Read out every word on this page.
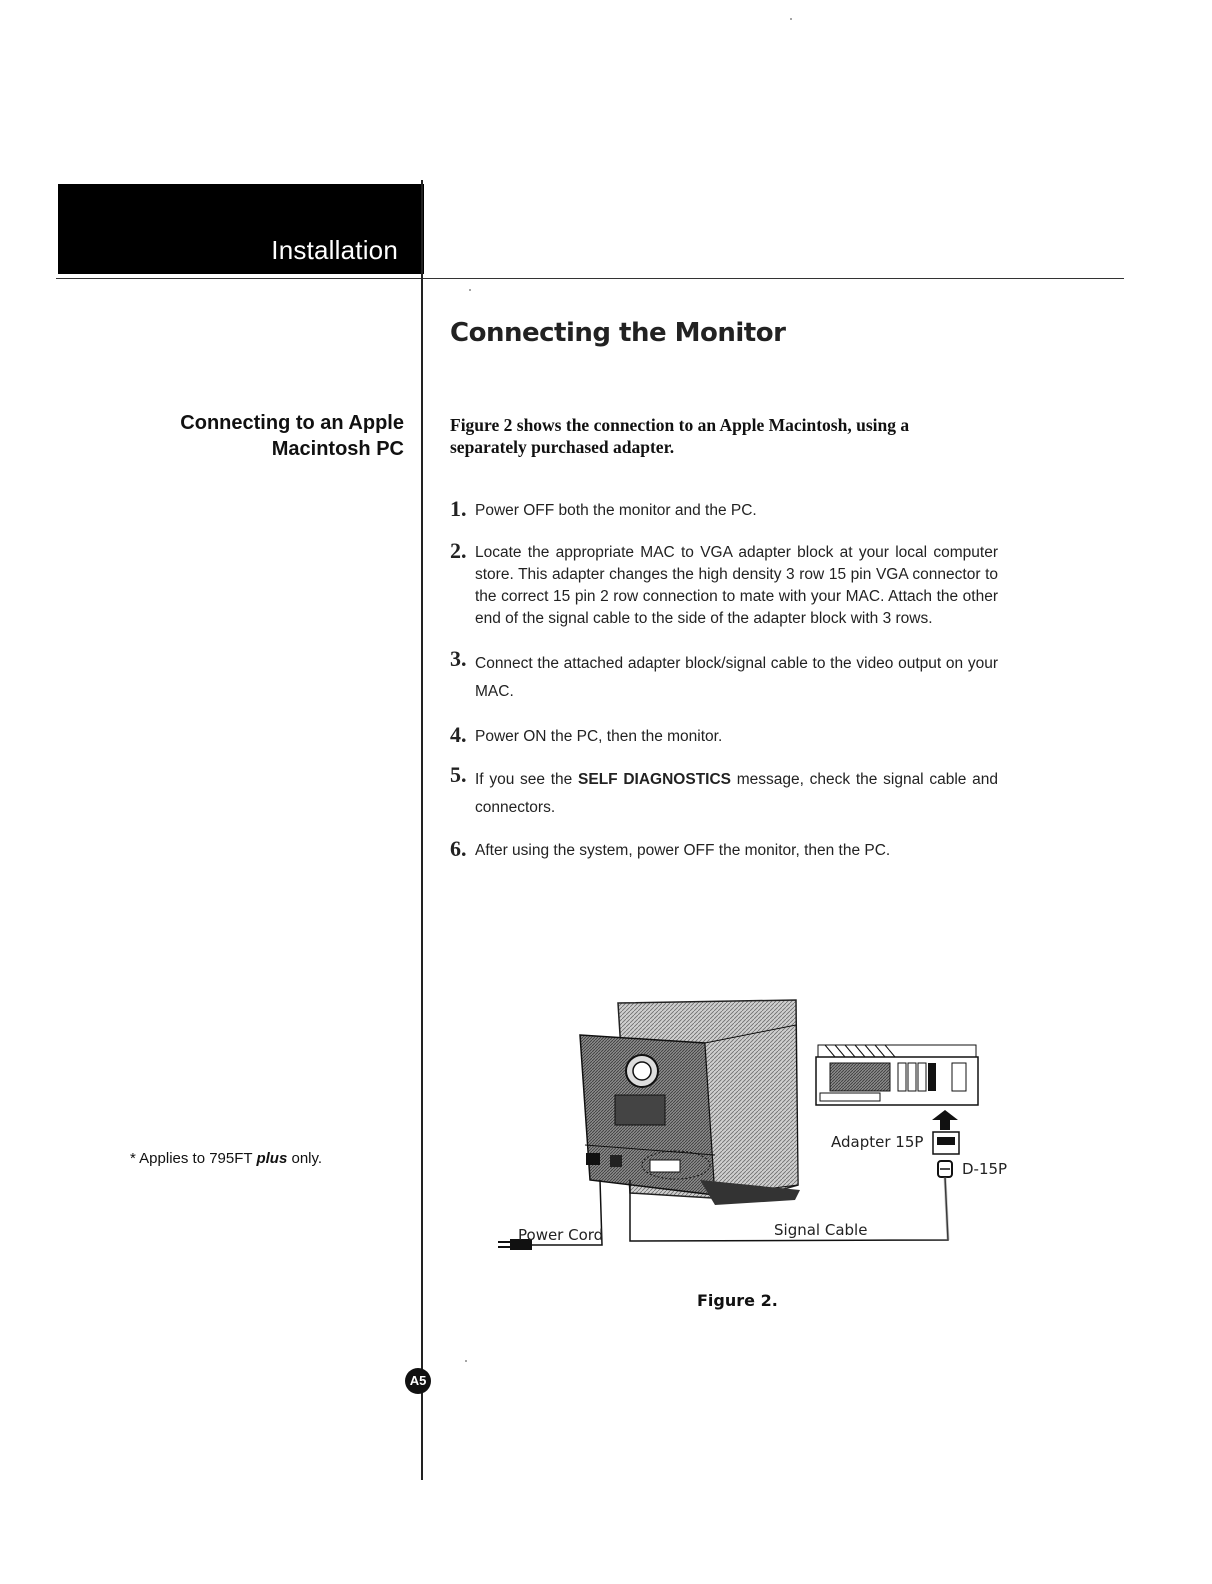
Installation
Connecting the Monitor
Connecting to an Apple
Macintosh PC
Figure 2 shows the connection to an Apple Macintosh, using a separately purchased adapter.
1. Power OFF both the monitor and the PC.
2. Locate the appropriate MAC to VGA adapter block at your local computer store. This adapter changes the high density 3 row 15 pin VGA connector to the correct 15 pin 2 row connection to mate with your MAC. Attach the other end of the signal cable to the side of the adapter block with 3 rows.
3. Connect the attached adapter block/signal cable to the video output on your MAC.
4. Power ON the PC, then the monitor.
5. If you see the SELF DIAGNOSTICS message, check the signal cable and connectors.
6. After using the system, power OFF the monitor, then the PC.
* Applies to 795FT plus only.
Adapter 15P
D-15P
Signal Cable
Power Cord
Figure 2.
A5
